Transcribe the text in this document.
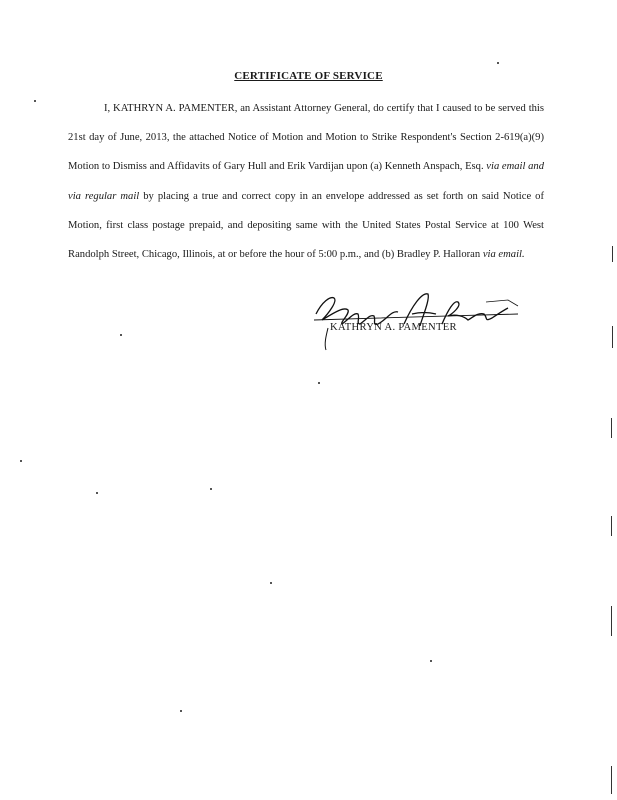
CERTIFICATE OF SERVICE
I, KATHRYN A. PAMENTER, an Assistant Attorney General, do certify that I caused to be served this 21st day of June, 2013, the attached Notice of Motion and Motion to Strike Respondent's Section 2-619(a)(9) Motion to Dismiss and Affidavits of Gary Hull and Erik Vardijan upon (a) Kenneth Anspach, Esq. via email and via regular mail by placing a true and correct copy in an envelope addressed as set forth on said Notice of Motion, first class postage prepaid, and depositing same with the United States Postal Service at 100 West Randolph Street, Chicago, Illinois, at or before the hour of 5:00 p.m., and (b) Bradley P. Halloran via email.
KATHRYN A. PAMENTER
